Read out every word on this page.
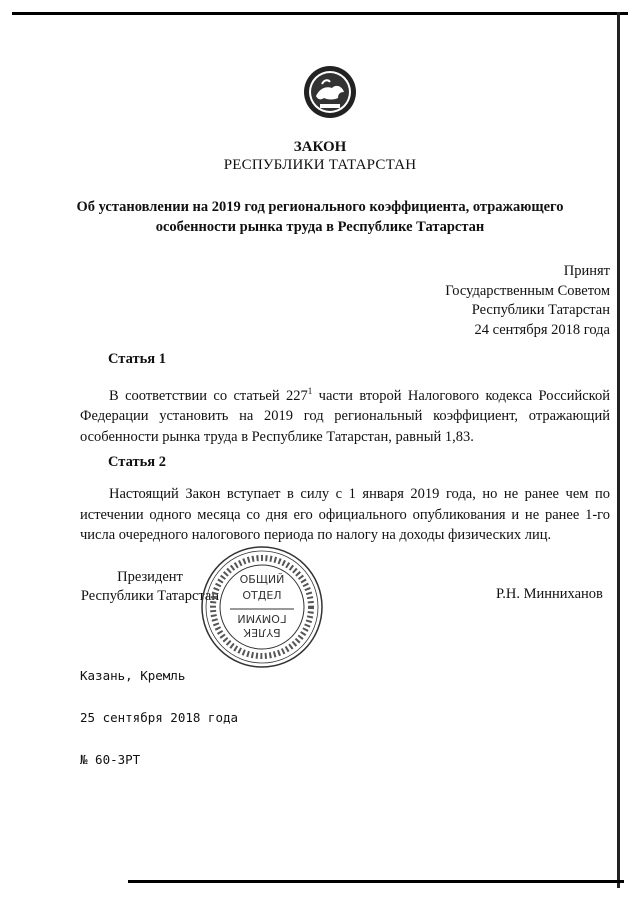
ЗАКОН
РЕСПУБЛИКИ ТАТАРСТАН
Об установлении на 2019 год регионального коэффициента, отражающего
особенности рынка труда в Республике Татарстан
Принят
Государственным Советом
Республики Татарстан
24 сентября 2018 года
Статья 1
В соответствии со статьей $227^1$ части второй Налогового кодекса Российской Федерации установить на 2019 год региональный коэффициент, отражающий особенности рынка труда в Республике Татарстан, равный 1,83.
Статья 2
Настоящий Закон вступает в силу с 1 января 2019 года, но не ранее чем по истечении одного месяца со дня его официального опубликования и не ранее 1-го числа очередного налогового периода по налогу на доходы физических лиц.
Президент
Республики Татарстан
ОБЩИЙ
ОТДЕЛ
ГОМУМИ
БҮЛЕК
Р.Н. Минниханов

Казань, Кремль

25 сентября 2018 года

№ 60-ЗРТ
